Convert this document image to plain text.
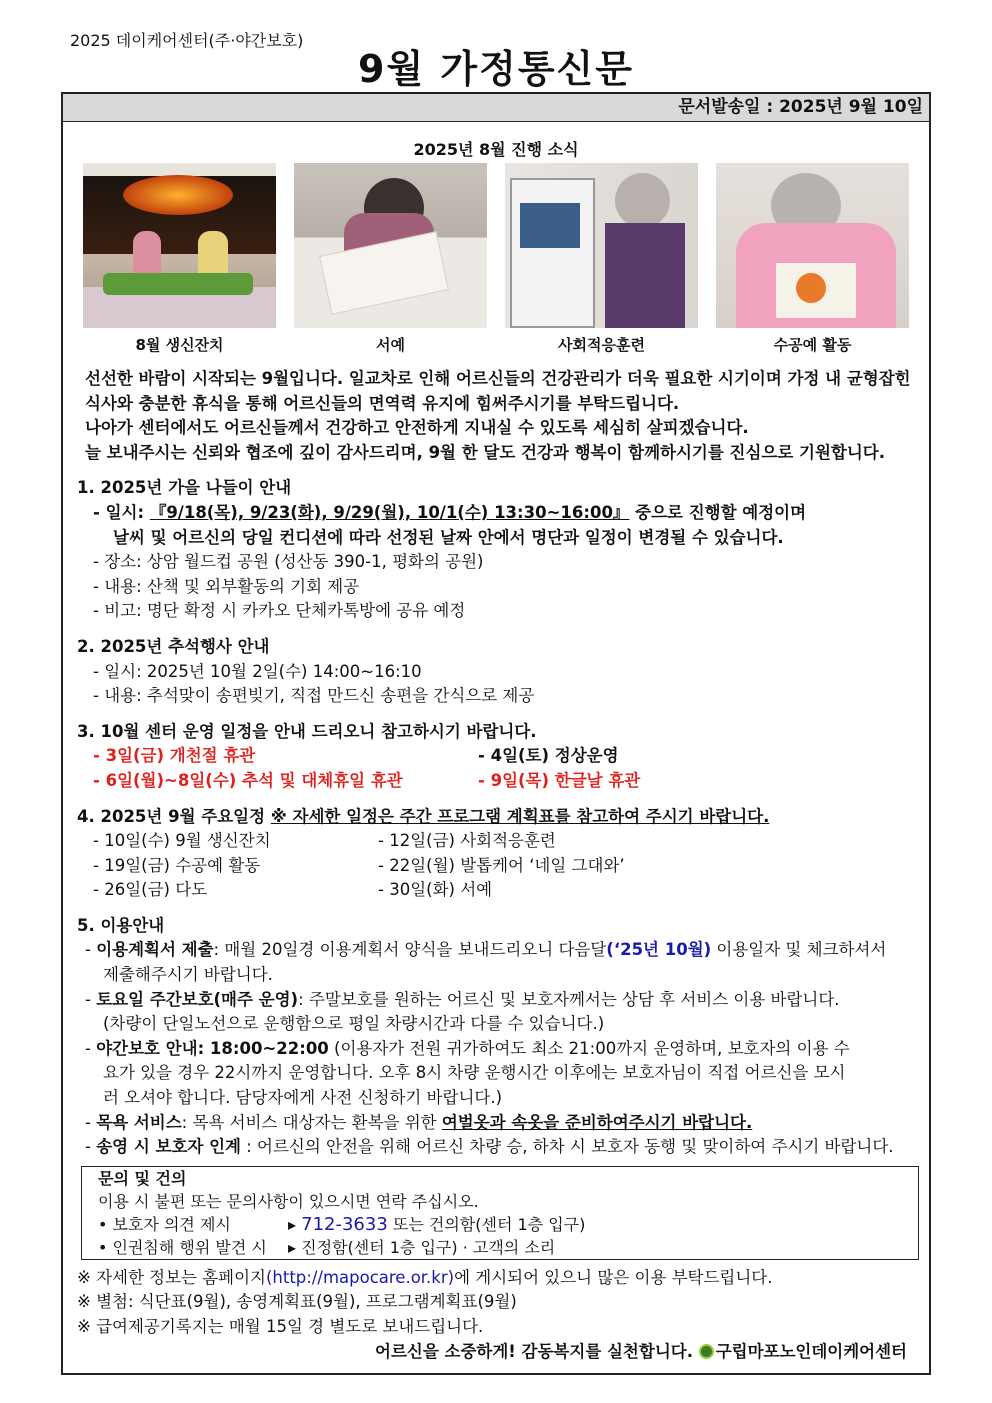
2025 데이케어센터(주·야간보호)
9월 가정통신문
문서발송일 : 2025년 9월 10일
2025년 8월 진행 소식
8월 생신잔치	서예	사회적응훈련	수공예 활동
선선한 바람이 시작되는 9월입니다. 일교차로 인해 어르신들의 건강관리가 더욱 필요한 시기이며 가정 내 균형잡힌
식사와 충분한 휴식을 통해 어르신들의 면역력 유지에 힘써주시기를 부탁드립니다.
나아가 센터에서도 어르신들께서 건강하고 안전하게 지내실 수 있도록 세심히 살피겠습니다.
늘 보내주시는 신뢰와 협조에 깊이 감사드리며, 9월 한 달도 건강과 행복이 함께하시기를 진심으로 기원합니다.
1. 2025년 가을 나들이 안내
- 일시: 『9/18(목), 9/23(화), 9/29(월), 10/1(수) 13:30~16:00』 중으로 진행할 예정이며
날씨 및 어르신의 당일 컨디션에 따라 선정된 날짜 안에서 명단과 일정이 변경될 수 있습니다.
- 장소: 상암 월드컵 공원 (성산동 390-1, 평화의 공원)
- 내용: 산책 및 외부활동의 기회 제공
- 비고: 명단 확정 시 카카오 단체카톡방에 공유 예정
2. 2025년 추석행사 안내
- 일시: 2025년 10월 2일(수) 14:00~16:10
- 내용: 추석맞이 송편빚기, 직접 만드신 송편을 간식으로 제공
3. 10월 센터 운영 일정을 안내 드리오니 참고하시기 바랍니다.
- 3일(금) 개천절 휴관	- 4일(토) 정상운영
- 6일(월)~8일(수) 추석 및 대체휴일 휴관	- 9일(목) 한글날 휴관
4. 2025년 9월 주요일정 ※ 자세한 일정은 주간 프로그램 계획표를 참고하여 주시기 바랍니다.
- 10일(수) 9월 생신잔치	- 12일(금) 사회적응훈련
- 19일(금) 수공예 활동	- 22일(월) 발톱케어 ‘네일 그대와’
- 26일(금) 다도	- 30일(화) 서예
5. 이용안내
- 이용계획서 제출: 매월 20일경 이용계획서 양식을 보내드리오니 다음달(‘25년 10월) 이용일자 및 체크하셔서
제출해주시기 바랍니다.
- 토요일 주간보호(매주 운영): 주말보호를 원하는 어르신 및 보호자께서는 상담 후 서비스 이용 바랍니다.
(차량이 단일노선으로 운행함으로 평일 차량시간과 다를 수 있습니다.)
- 야간보호 안내: 18:00~22:00 (이용자가 전원 귀가하여도 최소 21:00까지 운영하며, 보호자의 이용 수
요가 있을 경우 22시까지 운영합니다. 오후 8시 차량 운행시간 이후에는 보호자님이 직접 어르신을 모시
러 오셔야 합니다. 담당자에게 사전 신청하기 바랍니다.)
- 목욕 서비스: 목욕 서비스 대상자는 환복을 위한 여벌옷과 속옷을 준비하여주시기 바랍니다.
- 송영 시 보호자 인계 : 어르신의 안전을 위해 어르신 차량 승, 하차 시 보호자 동행 및 맞이하여 주시기 바랍니다.
문의 및 건의
이용 시 불편 또는 문의사항이 있으시면 연락 주십시오.
• 보호자 의견 제시	▸ 712-3633 또는 건의함(센터 1층 입구)
• 인권침해 행위 발견 시	▸ 진정함(센터 1층 입구) · 고객의 소리
※ 자세한 정보는 홈페이지(http://mapocare.or.kr)에 게시되어 있으니 많은 이용 부탁드립니다.
※ 별첨: 식단표(9월), 송영계획표(9월), 프로그램계획표(9월)
※ 급여제공기록지는 매월 15일 경 별도로 보내드립니다.
어르신을 소중하게! 감동복지를 실천합니다. 구립마포노인데이케어센터
